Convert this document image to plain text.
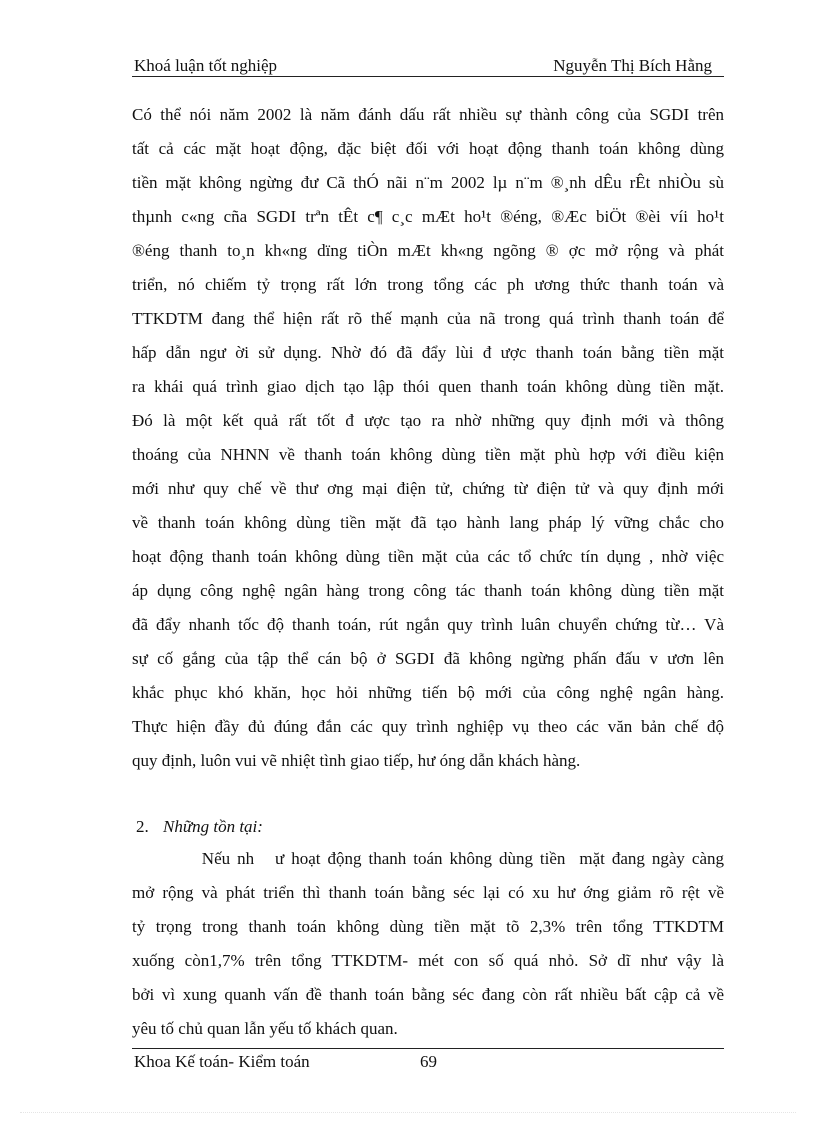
Khoá luận tốt nghiệp	Nguyễn Thị Bích Hằng
Có thể nói năm 2002 là năm đánh dấu rất nhiều sự thành công của SGDI trên
tất cả các mặt hoạt động, đặc biệt đối với hoạt động thanh toán không dùng
tiền mặt không ngừng đư Cã thÓ nãi n¨m 2002 lµ n¨m ®¸nh dÊu rÊt nhiÒu sù
thµnh c«ng cña SGDI trªn tÊt c¶ c¸c mÆt ho¹t ®éng, ®Æc biÖt ®èi víi ho¹t
®éng thanh to¸n kh«ng dïng tiÒn mÆt kh«ng ngõng ® ợc mở rộng và phát
triển, nó chiếm tỷ trọng rất lớn trong tổng các ph ương thức thanh toán và
TTKDTM đang thể hiện rất rõ thế mạnh của nã trong quá trình thanh toán để
hấp dẫn ngư ời sử dụng. Nhờ đó đã đẩy lùi đ ược thanh toán bằng tiền mặt
ra khái quá trình giao dịch tạo lập thói quen thanh toán không dùng tiền mặt.
Đó là một kết quả rất tốt đ ược tạo ra nhờ những quy định mới và thông
thoáng của NHNN về thanh toán không dùng tiền mặt phù hợp với điều kiện
mới như quy chế về thư ơng mại điện tử, chứng từ điện tử và quy định mới
về thanh toán không dùng tiền mặt đã tạo hành lang pháp lý vững chắc cho
hoạt động thanh toán không dùng tiền mặt của các tổ chức tín dụng , nhờ việc
áp dụng công nghệ ngân hàng trong công tác thanh toán không dùng tiền mặt
đã đẩy nhanh tốc độ thanh toán, rút ngắn quy trình luân chuyển chứng từ… Và
sự cố gắng của tập thể cán bộ ở SGDI đã không ngừng phấn đấu v ươn lên
khắc phục khó khăn, học hỏi những tiến bộ mới của công nghệ ngân hàng.
Thực hiện đầy đủ đúng đắn các quy trình nghiệp vụ theo các văn bản chế độ
quy định, luôn vui vẽ nhiệt tình giao tiếp, hư óng dẫn khách hàng.
2. Những tồn tại:
Nếu nh   ư hoạt động thanh toán không dùng tiền  mặt đang ngày càng
mở rộng và phát triển thì thanh toán bằng séc lại có xu hư ớng giảm rõ rệt về
tỷ trọng trong thanh toán không dùng tiền mặt tõ 2,3% trên tổng TTKDTM
xuống còn1,7% trên tổng TTKDTM- mét con số quá nhỏ. Sở dĩ như vậy là
bởi vì xung quanh vấn đề thanh toán bằng séc đang còn rất nhiều bất cập cả về
yêu tố chủ quan lẫn yếu tố khách quan.
Khoa Kế toán- Kiểm toán	69
